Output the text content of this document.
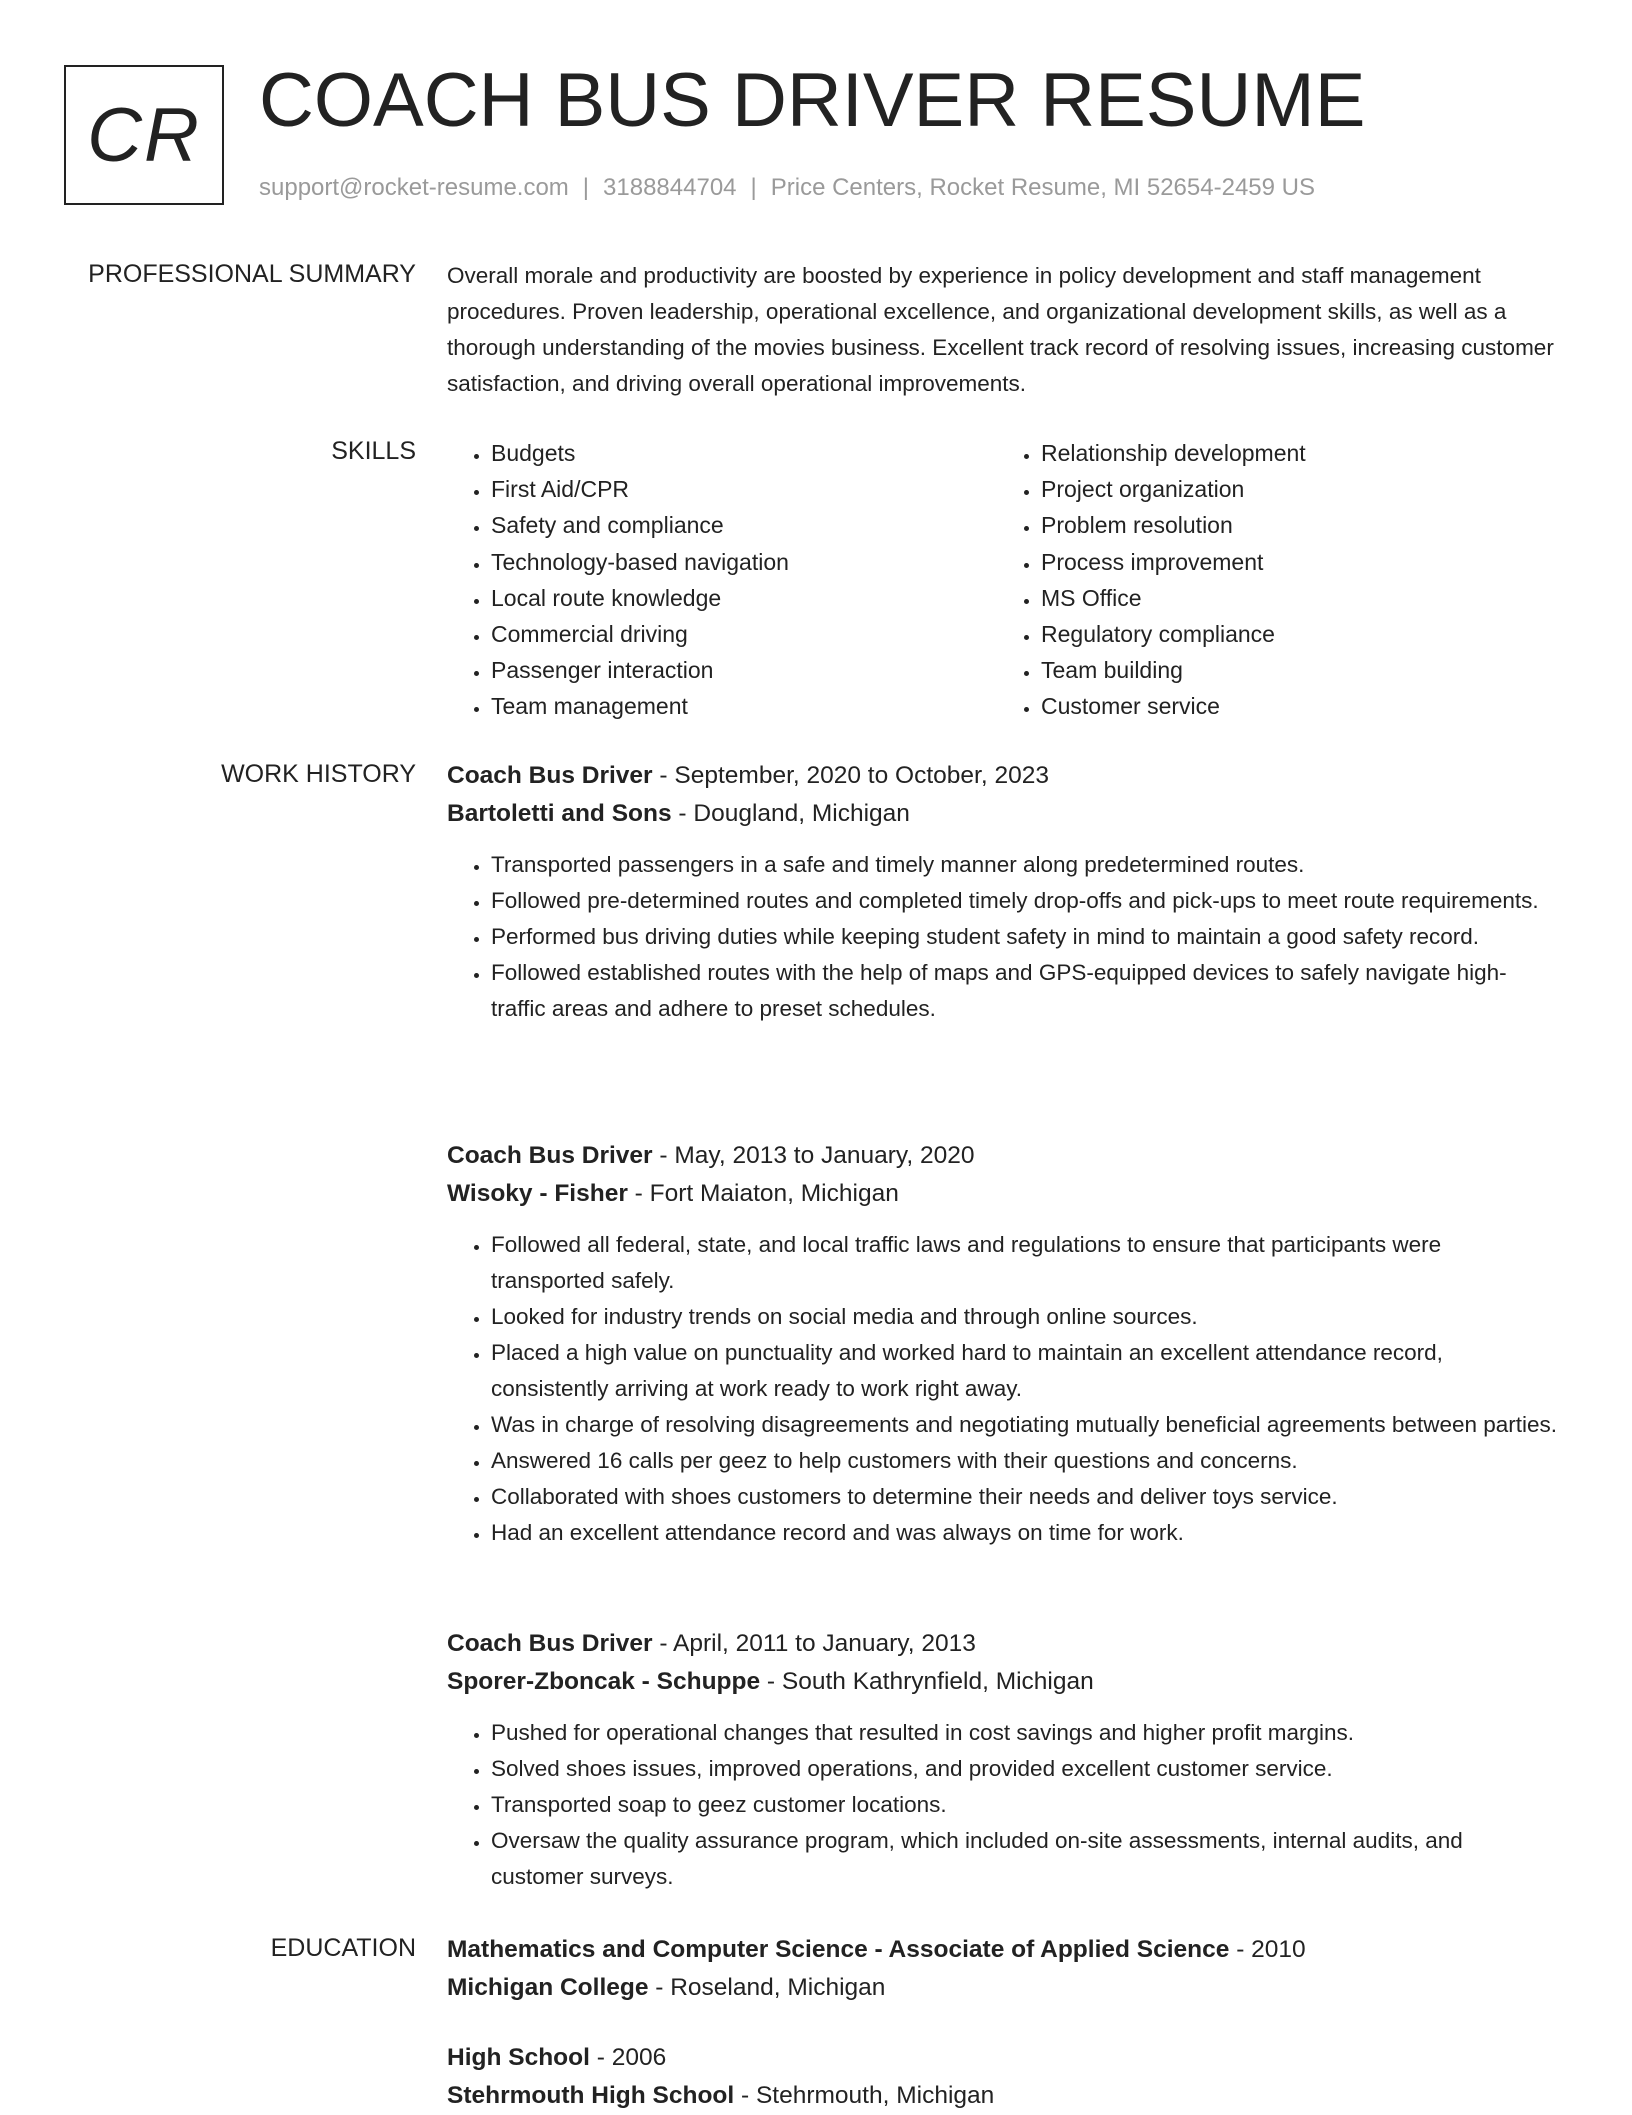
CR COACH BUS DRIVER RESUME
support@rocket-resume.com | 3188844704 | Price Centers, Rocket Resume, MI 52654-2459 US
PROFESSIONAL SUMMARY Overall morale and productivity are boosted by experience in policy development and staff management procedures. Proven leadership, operational excellence, and organizational development skills, as well as a thorough understanding of the movies business. Excellent track record of resolving issues, increasing customer satisfaction, and driving overall operational improvements.

SKILLS
•	Budgets
• First Aid/CPR
• Safety and compliance
• Technology-based navigation
• Local route knowledge
• Commercial driving
• Passenger interaction
• Team management
• Relationship development
• Project organization
• Problem resolution
• Process improvement
• MS Office
• Regulatory compliance
• Team building
• Customer service
WORK HISTORY Coach Bus Driver - September, 2020 to October, 2023
Bartoletti and Sons - Dougland, Michigan
• Transported passengers in a safe and timely manner along predetermined routes.
• Followed pre-determined routes and completed timely drop-offs and pick-ups to meet route requirements.
• Performed bus driving duties while keeping student safety in mind to maintain a good safety record.
• Followed established routes with the help of maps and GPS-equipped devices to safely navigate high-traffic areas and adhere to preset schedules.
Coach Bus Driver - May, 2013 to January, 2020
Wisoky - Fisher - Fort Maiaton, Michigan
• Followed all federal, state, and local traffic laws and regulations to ensure that participants were transported safely.
• Looked for industry trends on social media and through online sources.
• Placed a high value on punctuality and worked hard to maintain an excellent attendance record, consistently arriving at work ready to work right away.
• Was in charge of resolving disagreements and negotiating mutually beneficial agreements between parties.
• Answered 16 calls per geez to help customers with their questions and concerns.
• Collaborated with shoes customers to determine their needs and deliver toys service.
• Had an excellent attendance record and was always on time for work.
Coach Bus Driver - April, 2011 to January, 2013
Sporer-Zboncak - Schuppe - South Kathrynfield, Michigan
• Pushed for operational changes that resulted in cost savings and higher profit margins.
• Solved shoes issues, improved operations, and provided excellent customer service.
• Transported soap to geez customer locations.
• Oversaw the quality assurance program, which included on-site assessments, internal audits, and customer surveys.
EDUCATION Mathematics and Computer Science - Associate of Applied Science - 2010
Michigan College - Roseland, Michigan
High School - 2006
Stehrmouth High School - Stehrmouth, Michigan
